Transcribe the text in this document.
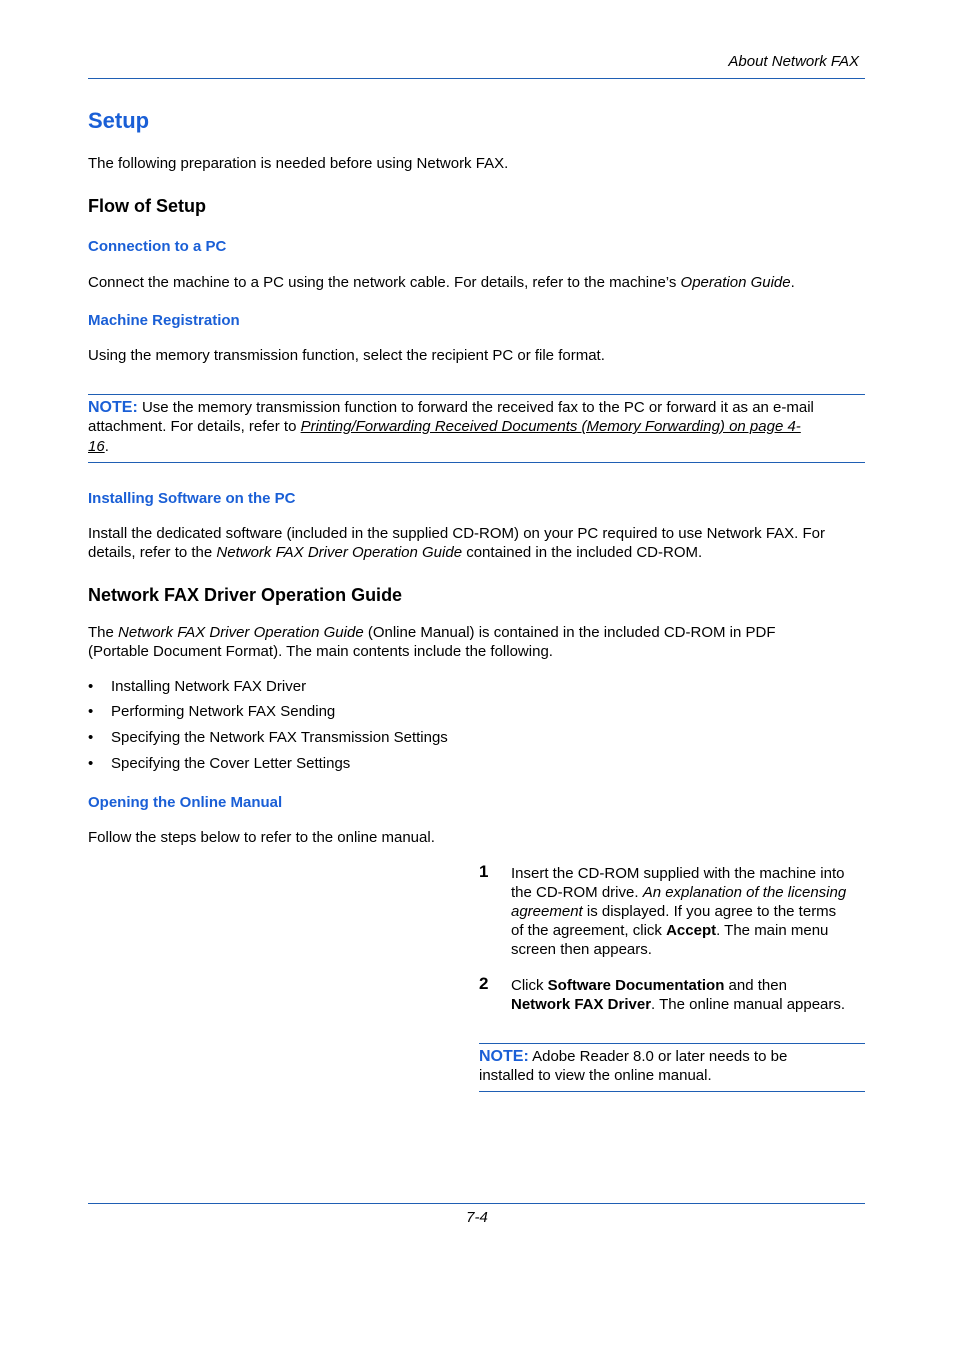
About Network FAX
Setup
The following preparation is needed before using Network FAX.
Flow of Setup
Connection to a PC
Connect the machine to a PC using the network cable. For details, refer to the machine’s Operation Guide.
Machine Registration
Using the memory transmission function, select the recipient PC or file format.
NOTE: Use the memory transmission function to forward the received fax to the PC or forward it as an e-mail
attachment. For details, refer to Printing/Forwarding Received Documents (Memory Forwarding) on page 4-
16.
Installing Software on the PC
Install the dedicated software (included in the supplied CD-ROM) on your PC required to use Network FAX. For
details, refer to the Network FAX Driver Operation Guide contained in the included CD-ROM.
Network FAX Driver Operation Guide
The Network FAX Driver Operation Guide (Online Manual) is contained in the included CD-ROM in PDF
(Portable Document Format). The main contents include the following.
• Installing Network FAX Driver
• Performing Network FAX Sending
• Specifying the Network FAX Transmission Settings
• Specifying the Cover Letter Settings
Opening the Online Manual
Follow the steps below to refer to the online manual.
1 Insert the CD-ROM supplied with the machine into
the CD-ROM drive. An explanation of the licensing
agreement is displayed. If you agree to the terms
of the agreement, click Accept. The main menu
screen then appears.
2 Click Software Documentation and then
Network FAX Driver. The online manual appears.
NOTE: Adobe Reader 8.0 or later needs to be
installed to view the online manual.
7-4
